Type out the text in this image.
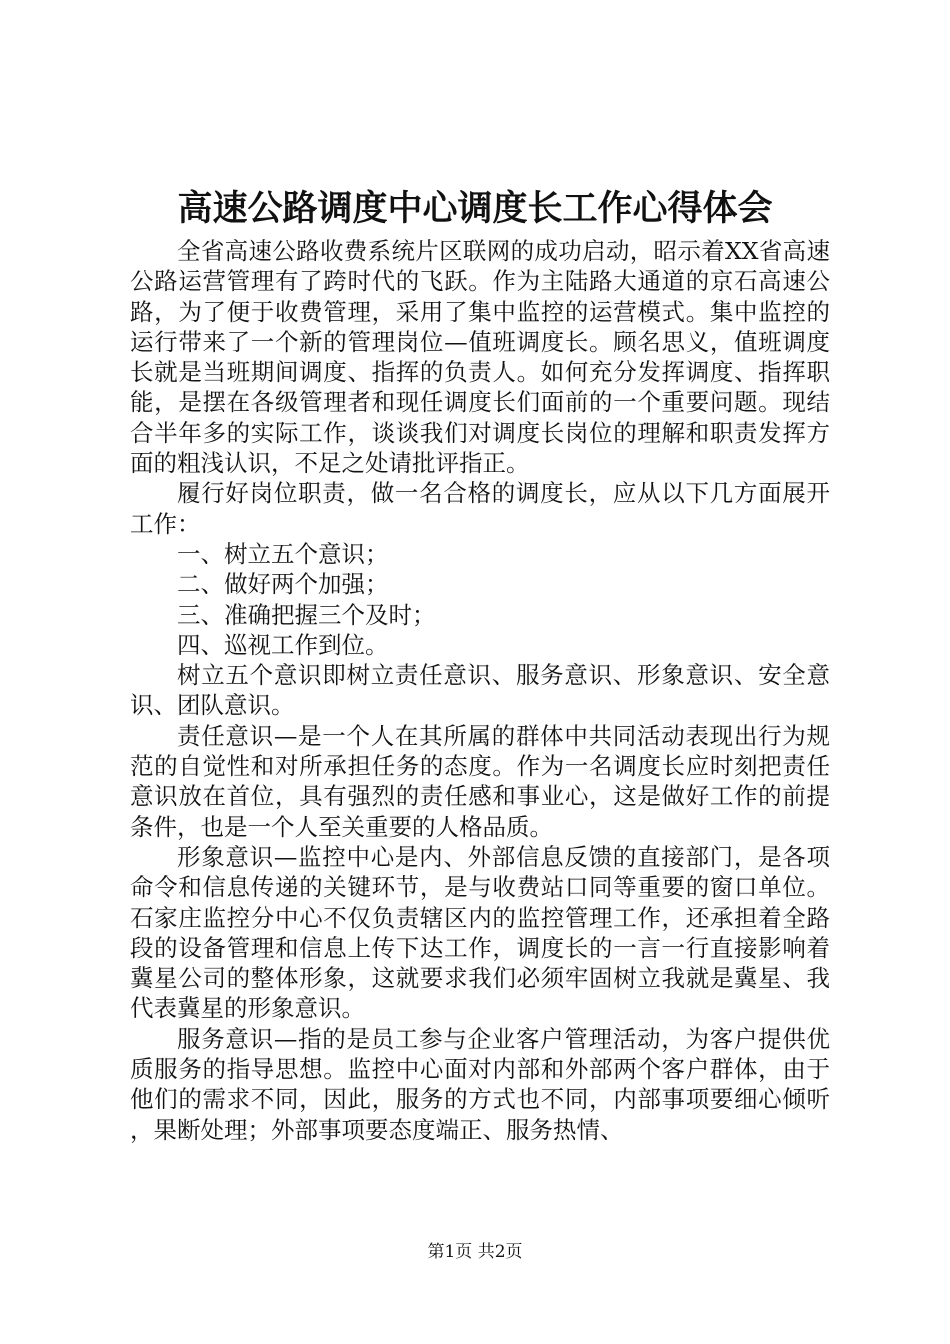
高速公路调度中心调度长工作心得体会

全省高速公路收费系统片区联网的成功启动，昭示着XX省高速公路运营管理有了跨时代的飞跃。作为主陆路大通道的京石高速公路，为了便于收费管理，采用了集中监控的运营模式。集中监控的运行带来了一个新的管理岗位—值班调度长。顾名思义，值班调度长就是当班期间调度、指挥的负责人。如何充分发挥调度、指挥职能，是摆在各级管理者和现任调度长们面前的一个重要问题。现结合半年多的实际工作，谈谈我们对调度长岗位的理解和职责发挥方面的粗浅认识，不足之处请批评指正。

履行好岗位职责，做一名合格的调度长，应从以下几方面展开工作：

一、树立五个意识；

二、做好两个加强；

三、准确把握三个及时；

四、巡视工作到位。

树立五个意识即树立责任意识、服务意识、形象意识、安全意识、团队意识。

责任意识—是一个人在其所属的群体中共同活动表现出行为规范的自觉性和对所承担任务的态度。作为一名调度长应时刻把责任意识放在首位，具有强烈的责任感和事业心，这是做好工作的前提条件，也是一个人至关重要的人格品质。

形象意识—监控中心是内、外部信息反馈的直接部门，是各项命令和信息传递的关键环节，是与收费站口同等重要的窗口单位。石家庄监控分中心不仅负责辖区内的监控管理工作，还承担着全路段的设备管理和信息上传下达工作，调度长的一言一行直接影响着冀星公司的整体形象，这就要求我们必须牢固树立我就是冀星、我代表冀星的形象意识。

服务意识—指的是员工参与企业客户管理活动，为客户提供优质服务的指导思想。监控中心面对内部和外部两个客户群体，由于他们的需求不同，因此，服务的方式也不同，内部事项要细心倾听，果断处理；外部事项要态度端正、服务热情、

第1页 共2页
